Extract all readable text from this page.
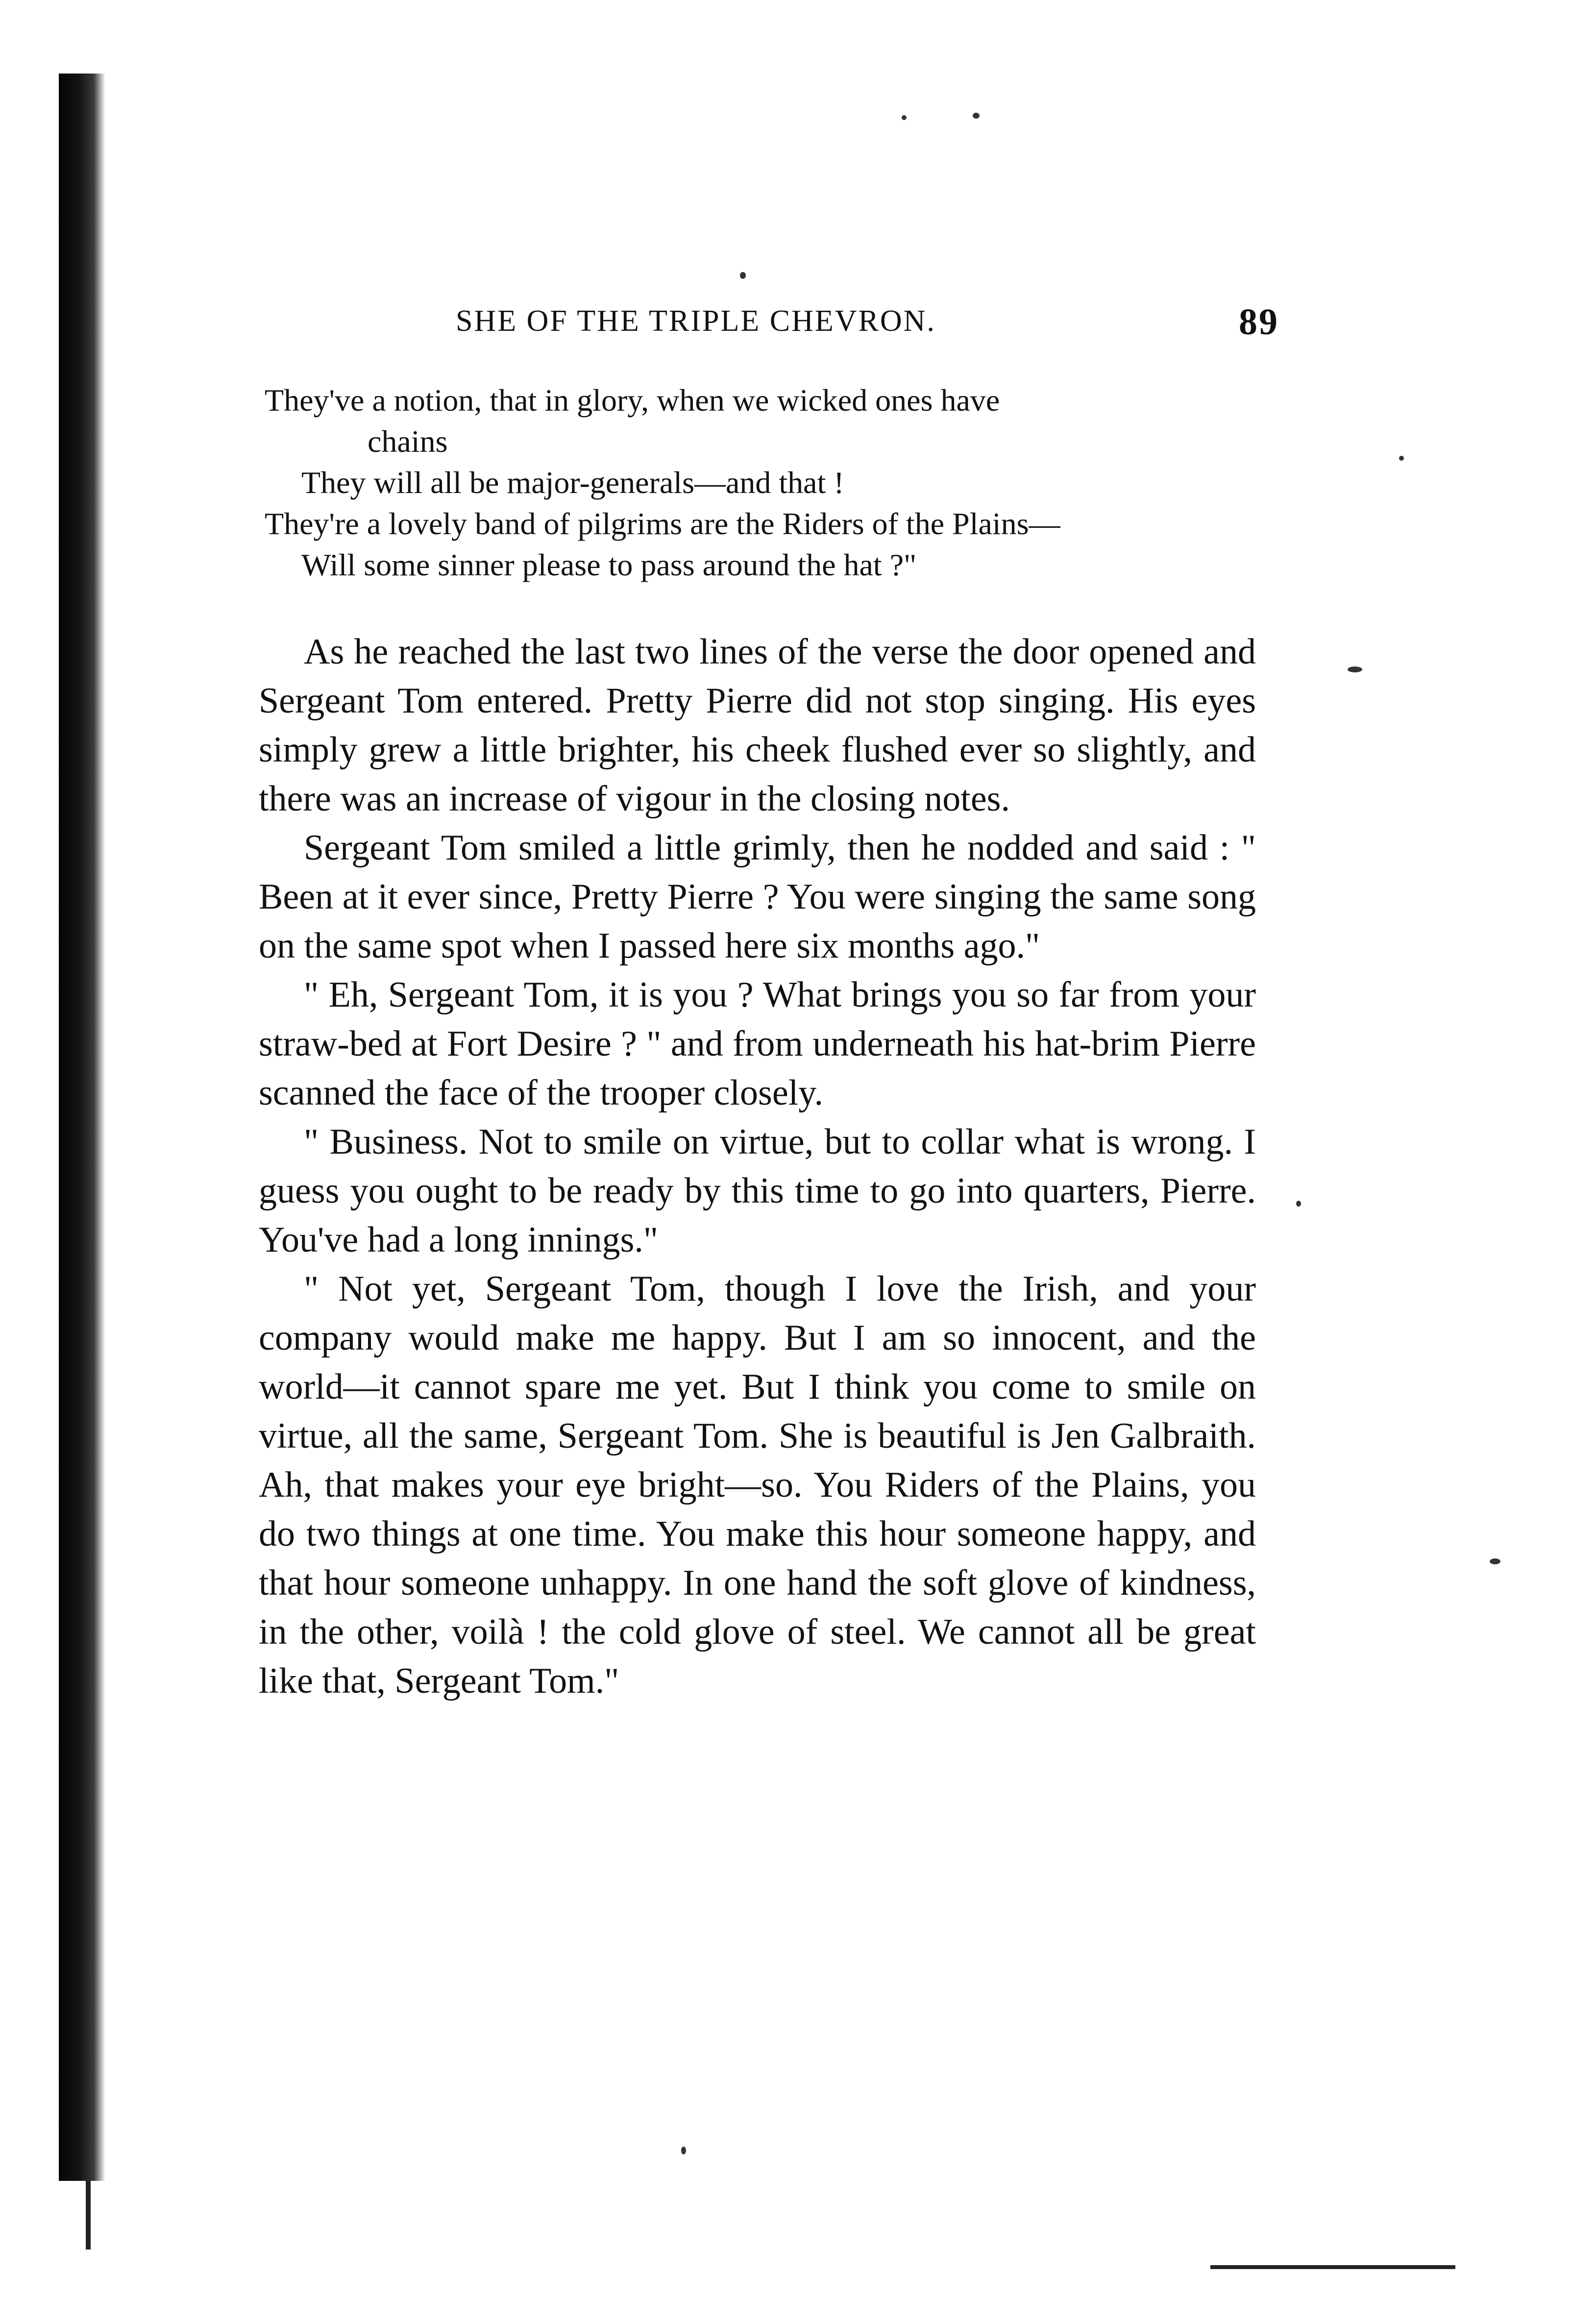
SHE OF THE TRIPLE CHEVRON.	89
They've a notion, that in glory, when we wicked ones have
chains
They will all be major-generals—and that !
They're a lovely band of pilgrims are the Riders of the Plains—
Will some sinner please to pass around the hat ?"

As he reached the last two lines of the verse the door opened and Sergeant Tom entered. Pretty Pierre did not stop singing. His eyes simply grew a little brighter, his cheek flushed ever so slightly, and there was an increase of vigour in the closing notes.

Sergeant Tom smiled a little grimly, then he nodded and said : " Been at it ever since, Pretty Pierre ? You were singing the same song on the same spot when I passed here six months ago."

" Eh, Sergeant Tom, it is you ? What brings you so far from your straw-bed at Fort Desire ? " and from underneath his hat-brim Pierre scanned the face of the trooper closely.

" Business. Not to smile on virtue, but to collar what is wrong. I guess you ought to be ready by this time to go into quarters, Pierre. You've had a long innings."

" Not yet, Sergeant Tom, though I love the Irish, and your company would make me happy. But I am so innocent, and the world—it cannot spare me yet. But I think you come to smile on virtue, all the same, Sergeant Tom. She is beautiful is Jen Galbraith. Ah, that makes your eye bright—so. You Riders of the Plains, you do two things at one time. You make this hour someone happy, and that hour someone unhappy. In one hand the soft glove of kindness, in the other, voilà ! the cold glove of steel. We cannot all be great like that, Sergeant Tom."
